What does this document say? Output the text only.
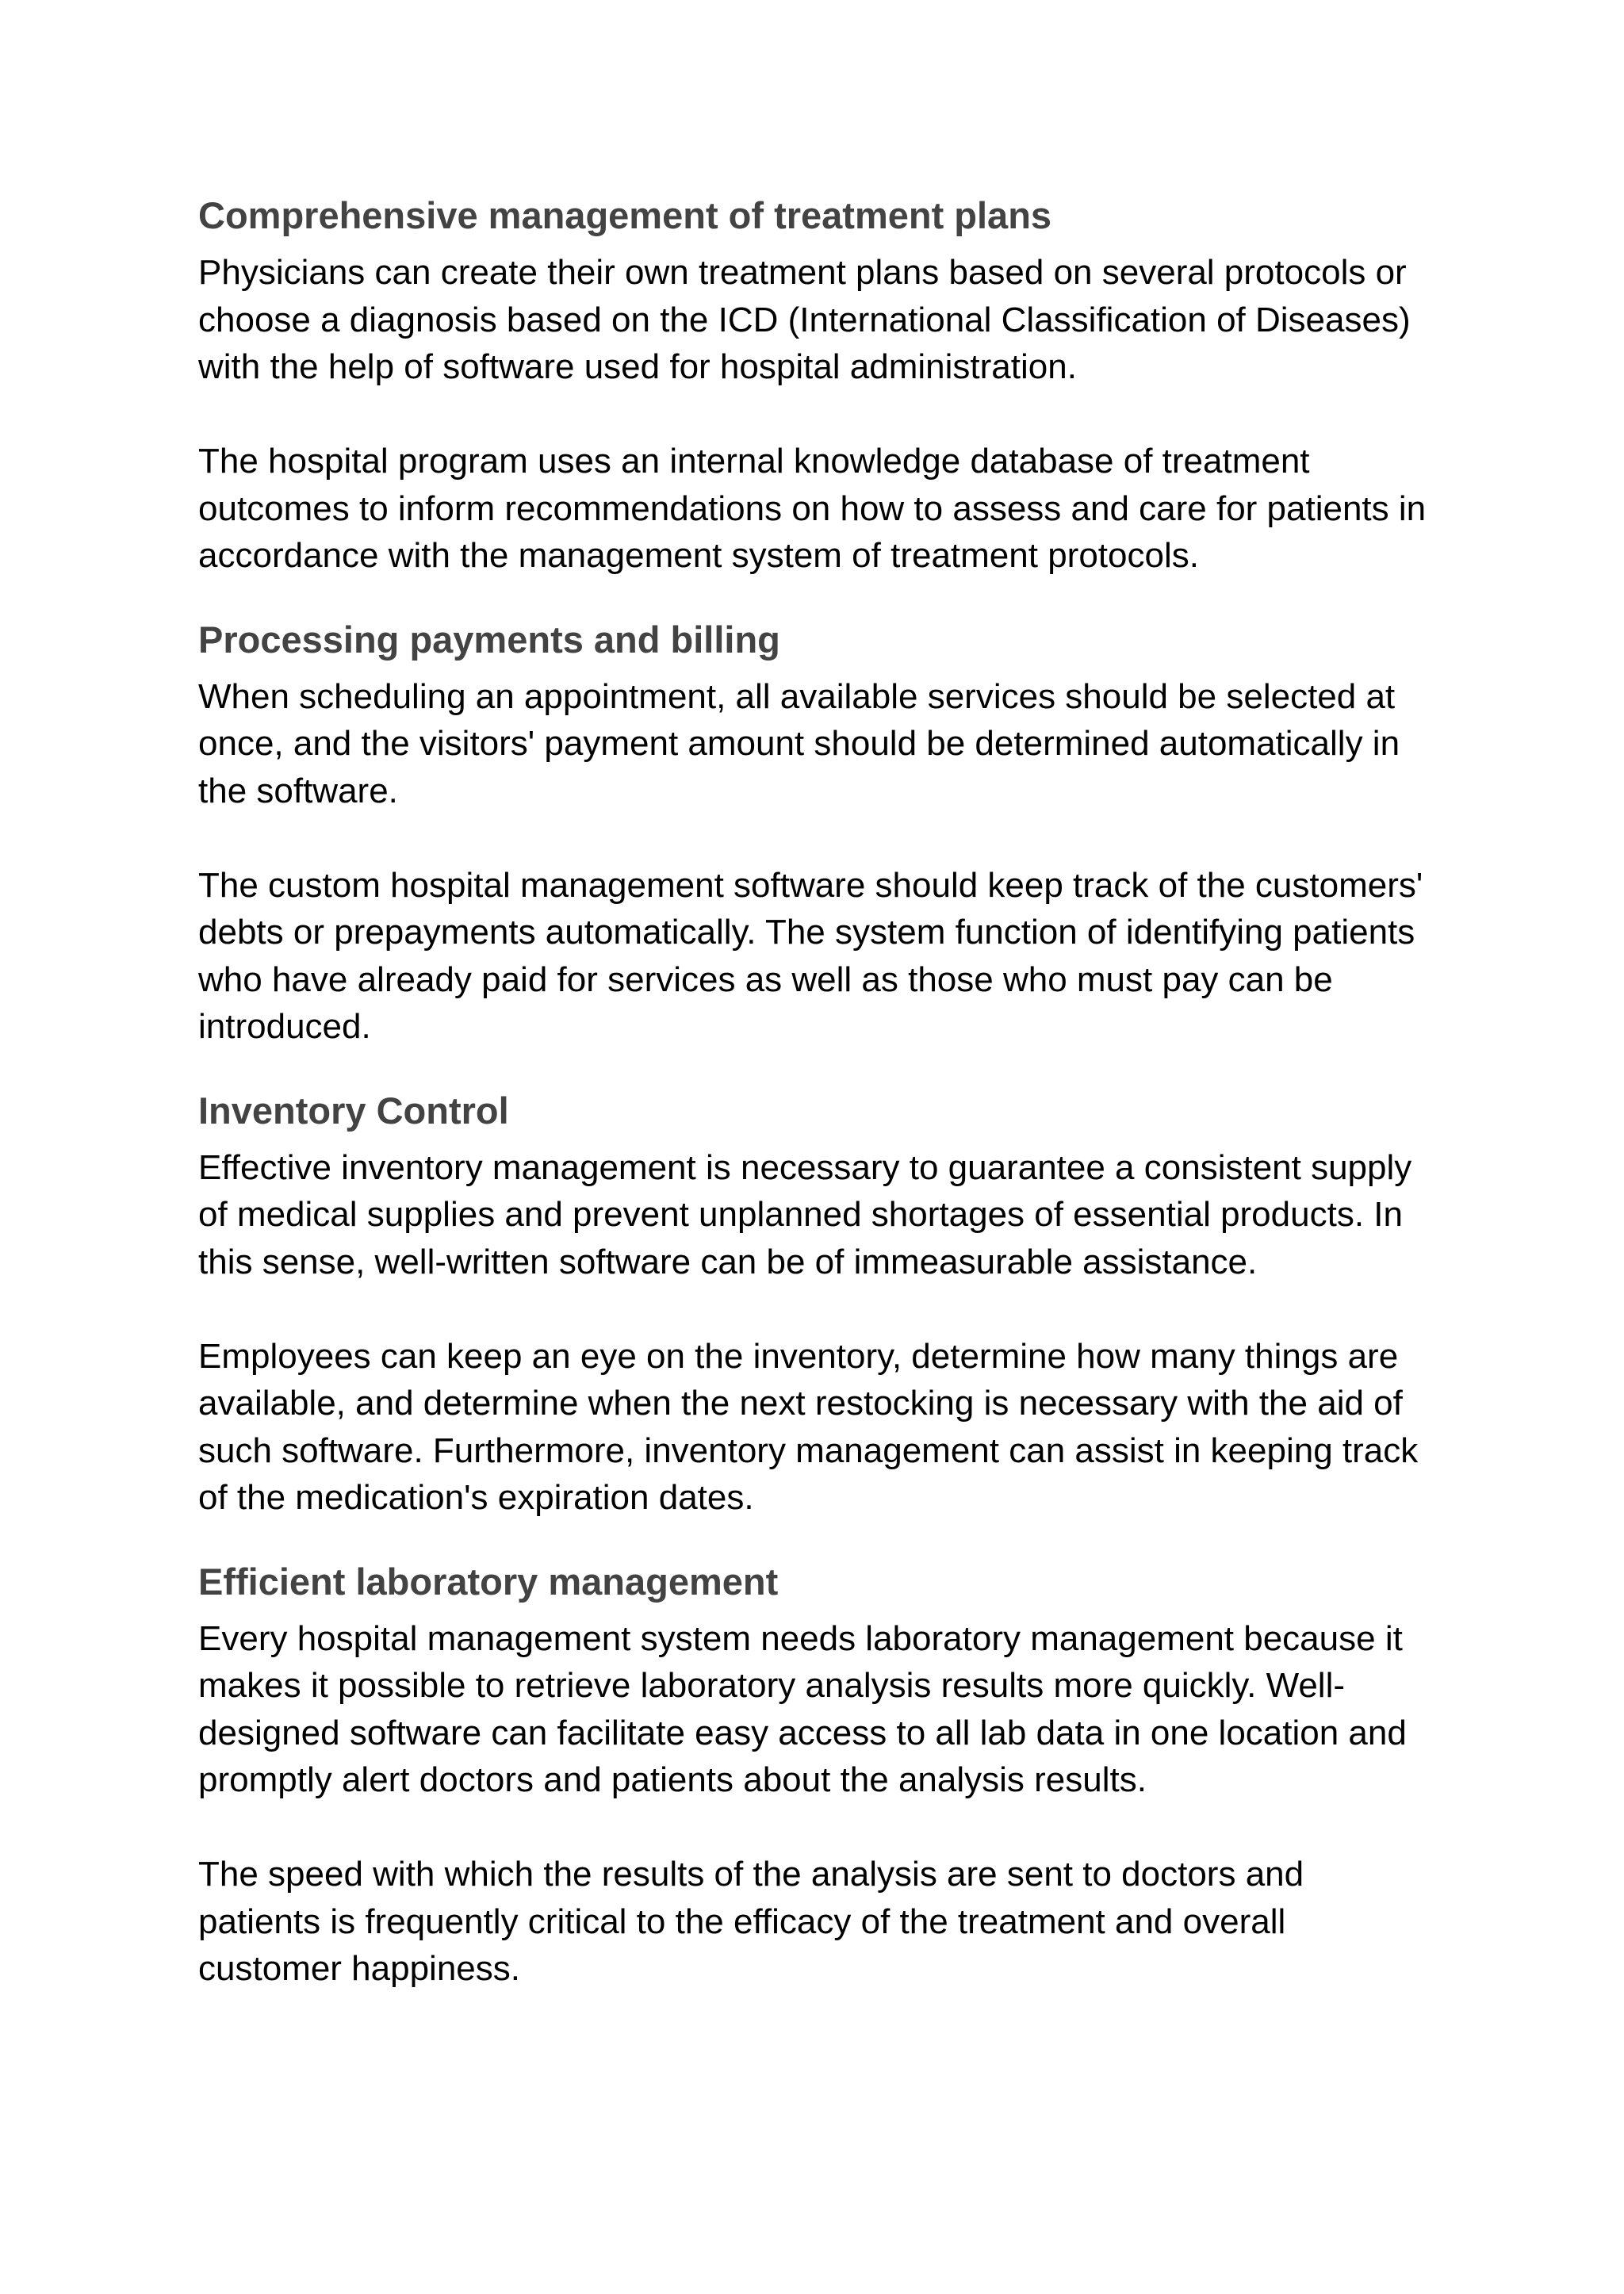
Comprehensive management of treatment plans

Physicians can create their own treatment plans based on several protocols or choose a diagnosis based on the ICD (International Classification of Diseases) with the help of software used for hospital administration.

The hospital program uses an internal knowledge database of treatment outcomes to inform recommendations on how to assess and care for patients in accordance with the management system of treatment protocols.

Processing payments and billing

When scheduling an appointment, all available services should be selected at once, and the visitors' payment amount should be determined automatically in the software.

The custom hospital management software should keep track of the customers' debts or prepayments automatically. The system function of identifying patients who have already paid for services as well as those who must pay can be introduced.

Inventory Control

Effective inventory management is necessary to guarantee a consistent supply of medical supplies and prevent unplanned shortages of essential products. In this sense, well-written software can be of immeasurable assistance.

Employees can keep an eye on the inventory, determine how many things are available, and determine when the next restocking is necessary with the aid of such software. Furthermore, inventory management can assist in keeping track of the medication's expiration dates.

Efficient laboratory management

Every hospital management system needs laboratory management because it makes it possible to retrieve laboratory analysis results more quickly. Well-designed software can facilitate easy access to all lab data in one location and promptly alert doctors and patients about the analysis results.

The speed with which the results of the analysis are sent to doctors and patients is frequently critical to the efficacy of the treatment and overall customer happiness.
